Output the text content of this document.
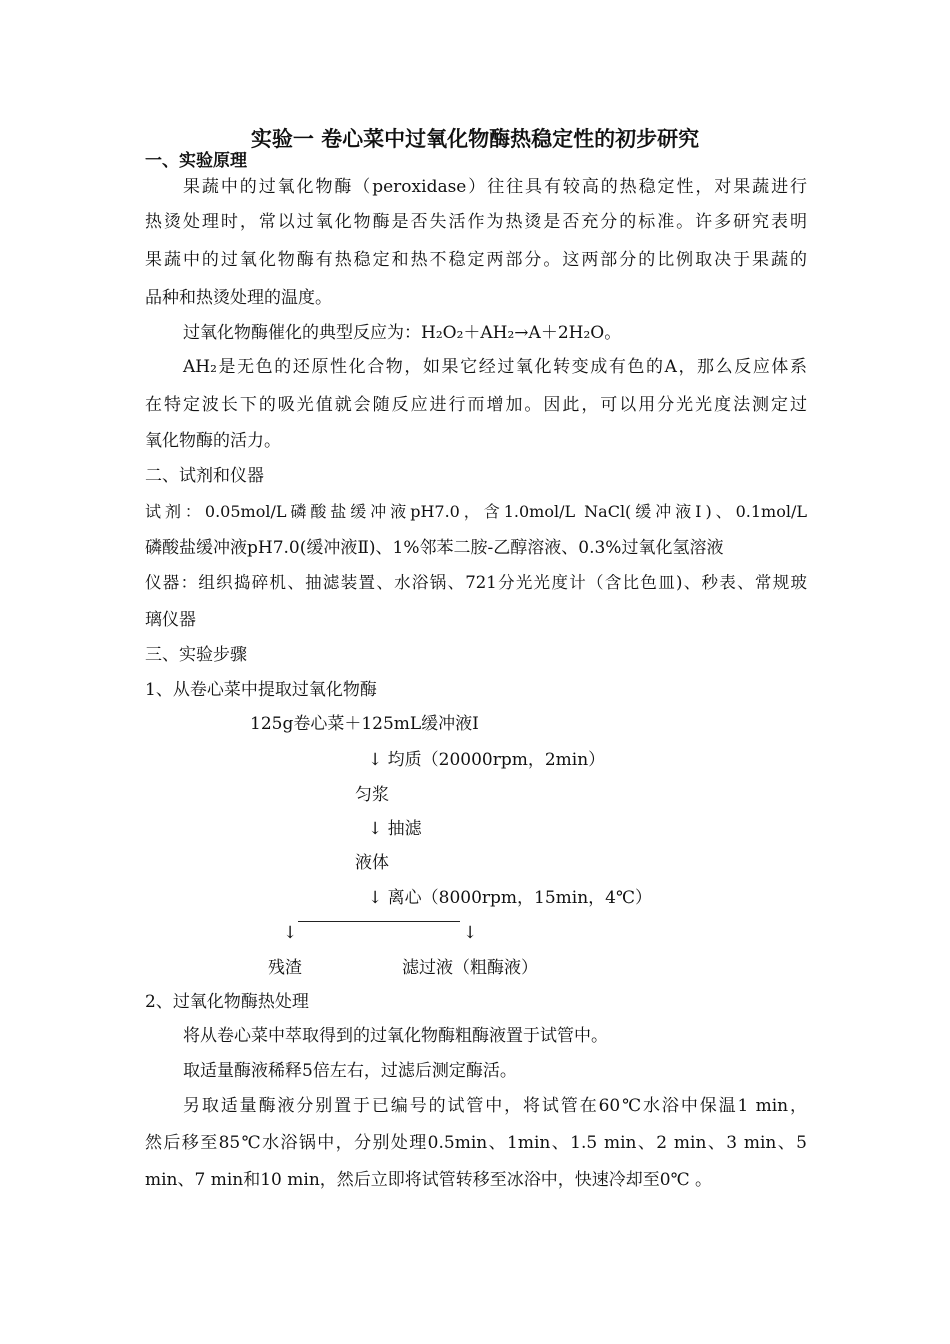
实验一 卷心菜中过氧化物酶热稳定性的初步研究
一、实验原理
果蔬中的过氧化物酶（peroxidase）往往具有较高的热稳定性，对果蔬进行
热烫处理时，常以过氧化物酶是否失活作为热烫是否充分的标准。许多研究表明
果蔬中的过氧化物酶有热稳定和热不稳定两部分。这两部分的比例取决于果蔬的
品种和热烫处理的温度。
过氧化物酶催化的典型反应为：H₂O₂＋AH₂→A＋2H₂O。
AH₂是无色的还原性化合物，如果它经过氧化转变成有色的A，那么反应体系
在特定波长下的吸光值就会随反应进行而增加。因此，可以用分光光度法测定过
氧化物酶的活力。
二、试剂和仪器
试剂：0.05mol/L磷酸盐缓冲液pH7.0，含1.0mol/L NaCl(缓冲液Ⅰ)、0.1mol/L
磷酸盐缓冲液pH7.0(缓冲液Ⅱ)、1%邻苯二胺-乙醇溶液、0.3%过氧化氢溶液
仪器：组织捣碎机、抽滤装置、水浴锅、721分光光度计（含比色皿)、秒表、常规玻
璃仪器
三、实验步骤
1、从卷心菜中提取过氧化物酶
125g卷心菜＋125mL缓冲液Ⅰ
↓ 均质（20000rpm，2min）
匀浆
↓ 抽滤
液体
↓ 离心（8000rpm，15min，4℃）
↓	↓
残渣	滤过液（粗酶液）
2、过氧化物酶热处理
将从卷心菜中萃取得到的过氧化物酶粗酶液置于试管中。
取适量酶液稀释5倍左右，过滤后测定酶活。
另取适量酶液分别置于已编号的试管中，将试管在60℃水浴中保温1 min，
然后移至85℃水浴锅中，分别处理0.5min、1min、1.5 min、2 min、3 min、5
min、7 min和10 min，然后立即将试管转移至冰浴中，快速冷却至0℃ 。
